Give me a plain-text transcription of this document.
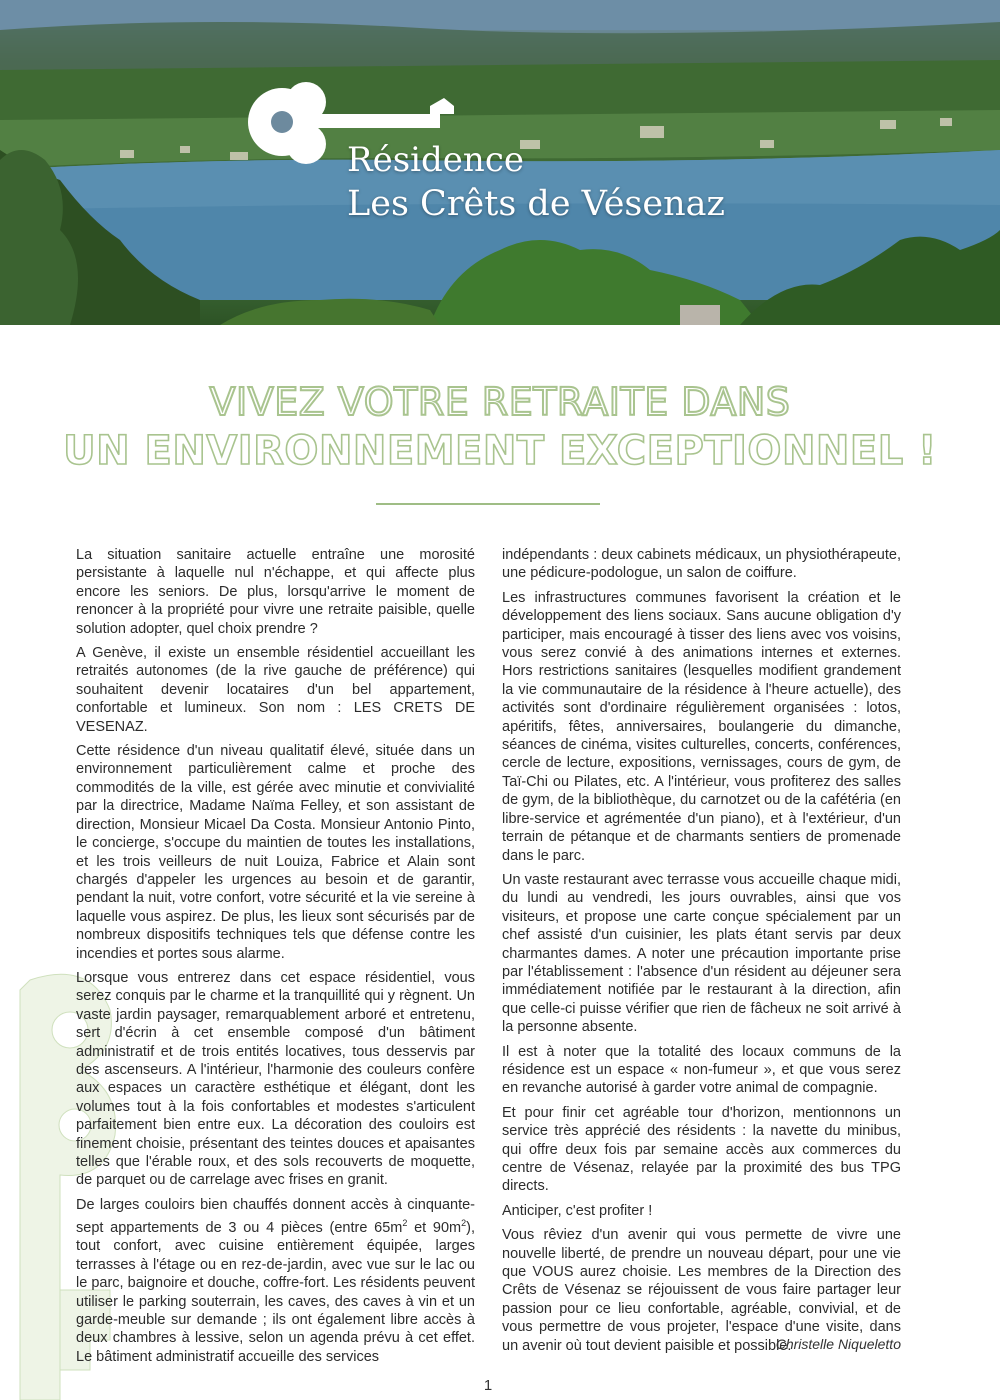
Résidence
Les Crêts de Vésenaz
VIVEZ VOTRE RETRAITE DANS
UN ENVIRONNEMENT EXCEPTIONNEL !

La situation sanitaire actuelle entraîne une morosité persistante à laquelle nul n'échappe, et qui affecte plus encore les seniors. De plus, lorsqu'arrive le moment de renoncer à la propriété pour vivre une retraite paisible, quelle solution adopter, quel choix prendre ?

A Genève, il existe un ensemble résidentiel accueillant les retraités autonomes (de la rive gauche de préférence) qui souhaitent devenir locataires d'un bel appartement, confortable et lumineux. Son nom : LES CRETS DE VESENAZ.

Cette résidence d'un niveau qualitatif élevé, située dans un environnement particulièrement calme et proche des commodités de la ville, est gérée avec minutie et convivialité par la directrice, Madame Naïma Felley, et son assistant de direction, Monsieur Micael Da Costa. Monsieur Antonio Pinto, le concierge, s'occupe du maintien de toutes les installations, et les trois veilleurs de nuit Louiza, Fabrice et Alain sont chargés d'appeler les urgences au besoin et de garantir, pendant la nuit, votre confort, votre sécurité et la vie sereine à laquelle vous aspirez. De plus, les lieux sont sécurisés par de nombreux dispositifs techniques tels que défense contre les incendies et portes sous alarme.

Lorsque vous entrerez dans cet espace résidentiel, vous serez conquis par le charme et la tranquillité qui y règnent. Un vaste jardin paysager, remarquablement arboré et entretenu, sert d'écrin à cet ensemble composé d'un bâtiment administratif et de trois entités locatives, tous desservis par des ascenseurs. A l'intérieur, l'harmonie des couleurs confère aux espaces un caractère esthétique et élégant, dont les volumes tout à la fois confortables et modestes s'articulent parfaitement bien entre eux. La décoration des couloirs est finement choisie, présentant des teintes douces et apaisantes telles que l'érable roux, et des sols recouverts de moquette, de parquet ou de carrelage avec frises en granit.

De larges couloirs bien chauffés donnent accès à cinquante-sept appartements de 3 ou 4 pièces (entre $65m^2$ et $90m^2$), tout confort, avec cuisine entièrement équipée, larges terrasses à l'étage ou en rez-de-jardin, avec vue sur le lac ou le parc, baignoire et douche, coffre-fort. Les résidents peuvent utiliser le parking souterrain, les caves, des caves à vin et un garde-meuble sur demande ; ils ont également libre accès à deux chambres à lessive, selon un agenda prévu à cet effet. Le bâtiment administratif accueille des services

indépendants : deux cabinets médicaux, un physiothérapeute, une pédicure-podologue, un salon de coiffure.

Les infrastructures communes favorisent la création et le développement des liens sociaux. Sans aucune obligation d'y participer, mais encouragé à tisser des liens avec vos voisins, vous serez convié à des animations internes et externes. Hors restrictions sanitaires (lesquelles modifient grandement la vie communautaire de la résidence à l'heure actuelle), des activités sont d'ordinaire régulièrement organisées : lotos, apéritifs, fêtes, anniversaires, boulangerie du dimanche, séances de cinéma, visites culturelles, concerts, conférences, cercle de lecture, expositions, vernissages, cours de gym, de Taï-Chi ou Pilates, etc. A l'intérieur, vous profiterez des salles de gym, de la bibliothèque, du carnotzet ou de la cafétéria (en libre-service et agrémentée d'un piano), et à l'extérieur, d'un terrain de pétanque et de charmants sentiers de promenade dans le parc.

Un vaste restaurant avec terrasse vous accueille chaque midi, du lundi au vendredi, les jours ouvrables, ainsi que vos visiteurs, et propose une carte conçue spécialement par un chef assisté d'un cuisinier, les plats étant servis par deux charmantes dames. A noter une précaution importante prise par l'établissement : l'absence d'un résident au déjeuner sera immédiatement notifiée par le restaurant à la direction, afin que celle-ci puisse vérifier que rien de fâcheux ne soit arrivé à la personne absente.

Il est à noter que la totalité des locaux communs de la résidence est un espace « non-fumeur », et que vous serez en revanche autorisé à garder votre animal de compagnie.

Et pour finir cet agréable tour d'horizon, mentionnons un service très apprécié des résidents : la navette du minibus, qui offre deux fois par semaine accès aux commerces du centre de Vésenaz, relayée par la proximité des bus TPG directs.

Anticiper, c'est profiter !

Vous rêviez d'un avenir qui vous permette de vivre une nouvelle liberté, de prendre un nouveau départ, pour une vie que VOUS aurez choisie. Les membres de la Direction des Crêts de Vésenaz se réjouissent de vous faire partager leur passion pour ce lieu confortable, agréable, convivial, et de vous permettre de vous projeter, l'espace d'une visite, dans un avenir où tout devient paisible et possible.

Christelle Niqueletto
1
